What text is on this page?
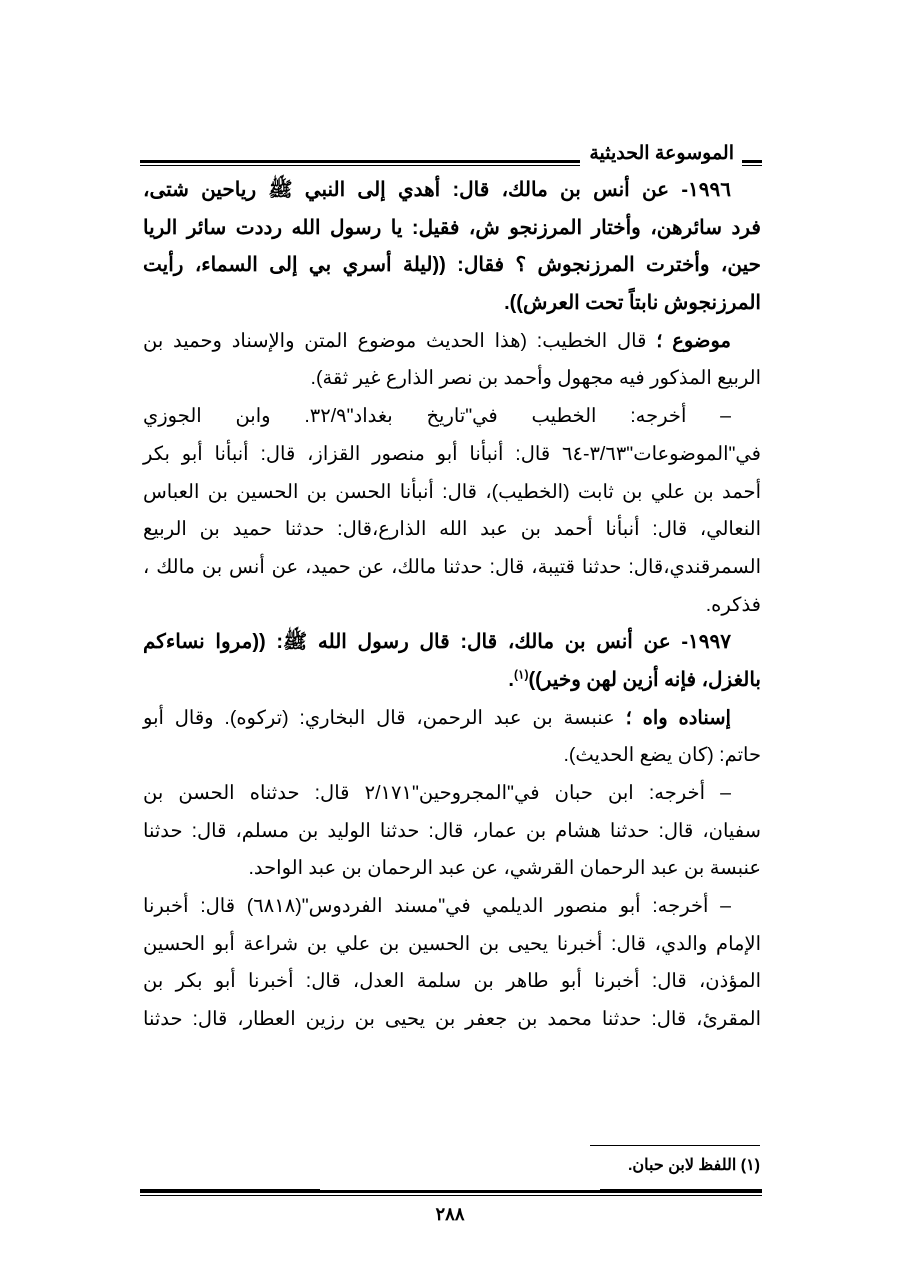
الموسوعة الحديثية
١٩٩٦- عن أنس بن مالك، قال: أهدي إلى النبي ﷺ رياحين شتى،
فرد سائرهن، وأختار المرزنجو ش، فقيل: يا رسول الله رددت سائر الريا
حين، وأخترت المرزنجوش ؟ فقال: ((ليلة أسري بي إلى السماء، رأيت
المرزنجوش نابتاً تحت العرش)).
موضوع ؛ قال الخطيب: (هذا الحديث موضوع المتن والإسناد وحميد بن
الربيع المذكور فيه مجهول وأحمد بن نصر الذارع غير ثقة).
– أخرجه: الخطيب في"تاريخ بغداد"٣٢/٩. وابن الجوزي
في"الموضوعات"٣/٦٣-٦٤ قال: أنبأنا أبو منصور القزاز، قال: أنبأنا أبو بكر
أحمد بن علي بن ثابت (الخطيب)، قال: أنبأنا الحسن بن الحسين بن العباس
النعالي، قال: أنبأنا أحمد بن عبد الله الذارع،قال: حدثنا حميد بن الربيع
السمرقندي،قال: حدثنا قتيبة، قال: حدثنا مالك، عن حميد، عن أنس بن مالك ،
فذكره.
١٩٩٧- عن أنس بن مالك، قال: قال رسول الله ﷺ: ((مروا نساءكم
بالغزل، فإنه أزين لهن وخير))$^{(١)}$.
إسناده واه ؛ عنبسة بن عبد الرحمن، قال البخاري: (تركوه). وقال أبو
حاتم: (كان يضع الحديث).
– أخرجه: ابن حبان في"المجروحين"٢/١٧١ قال: حدثناه الحسن بن
سفيان، قال: حدثنا هشام بن عمار، قال: حدثنا الوليد بن مسلم، قال: حدثنا
عنبسة بن عبد الرحمان القرشي، عن عبد الرحمان بن عبد الواحد.
– أخرجه: أبو منصور الديلمي في"مسند الفردوس"(٦٨١٨) قال: أخبرنا
الإمام والدي، قال: أخبرنا يحيى بن الحسين بن علي بن شراعة أبو الحسين
المؤذن، قال: أخبرنا أبو طاهر بن سلمة العدل، قال: أخبرنا أبو بكر بن
المقرئ، قال: حدثنا محمد بن جعفر بن يحيى بن رزين العطار، قال: حدثنا
(١) اللفظ لابن حبان.
٢٨٨
